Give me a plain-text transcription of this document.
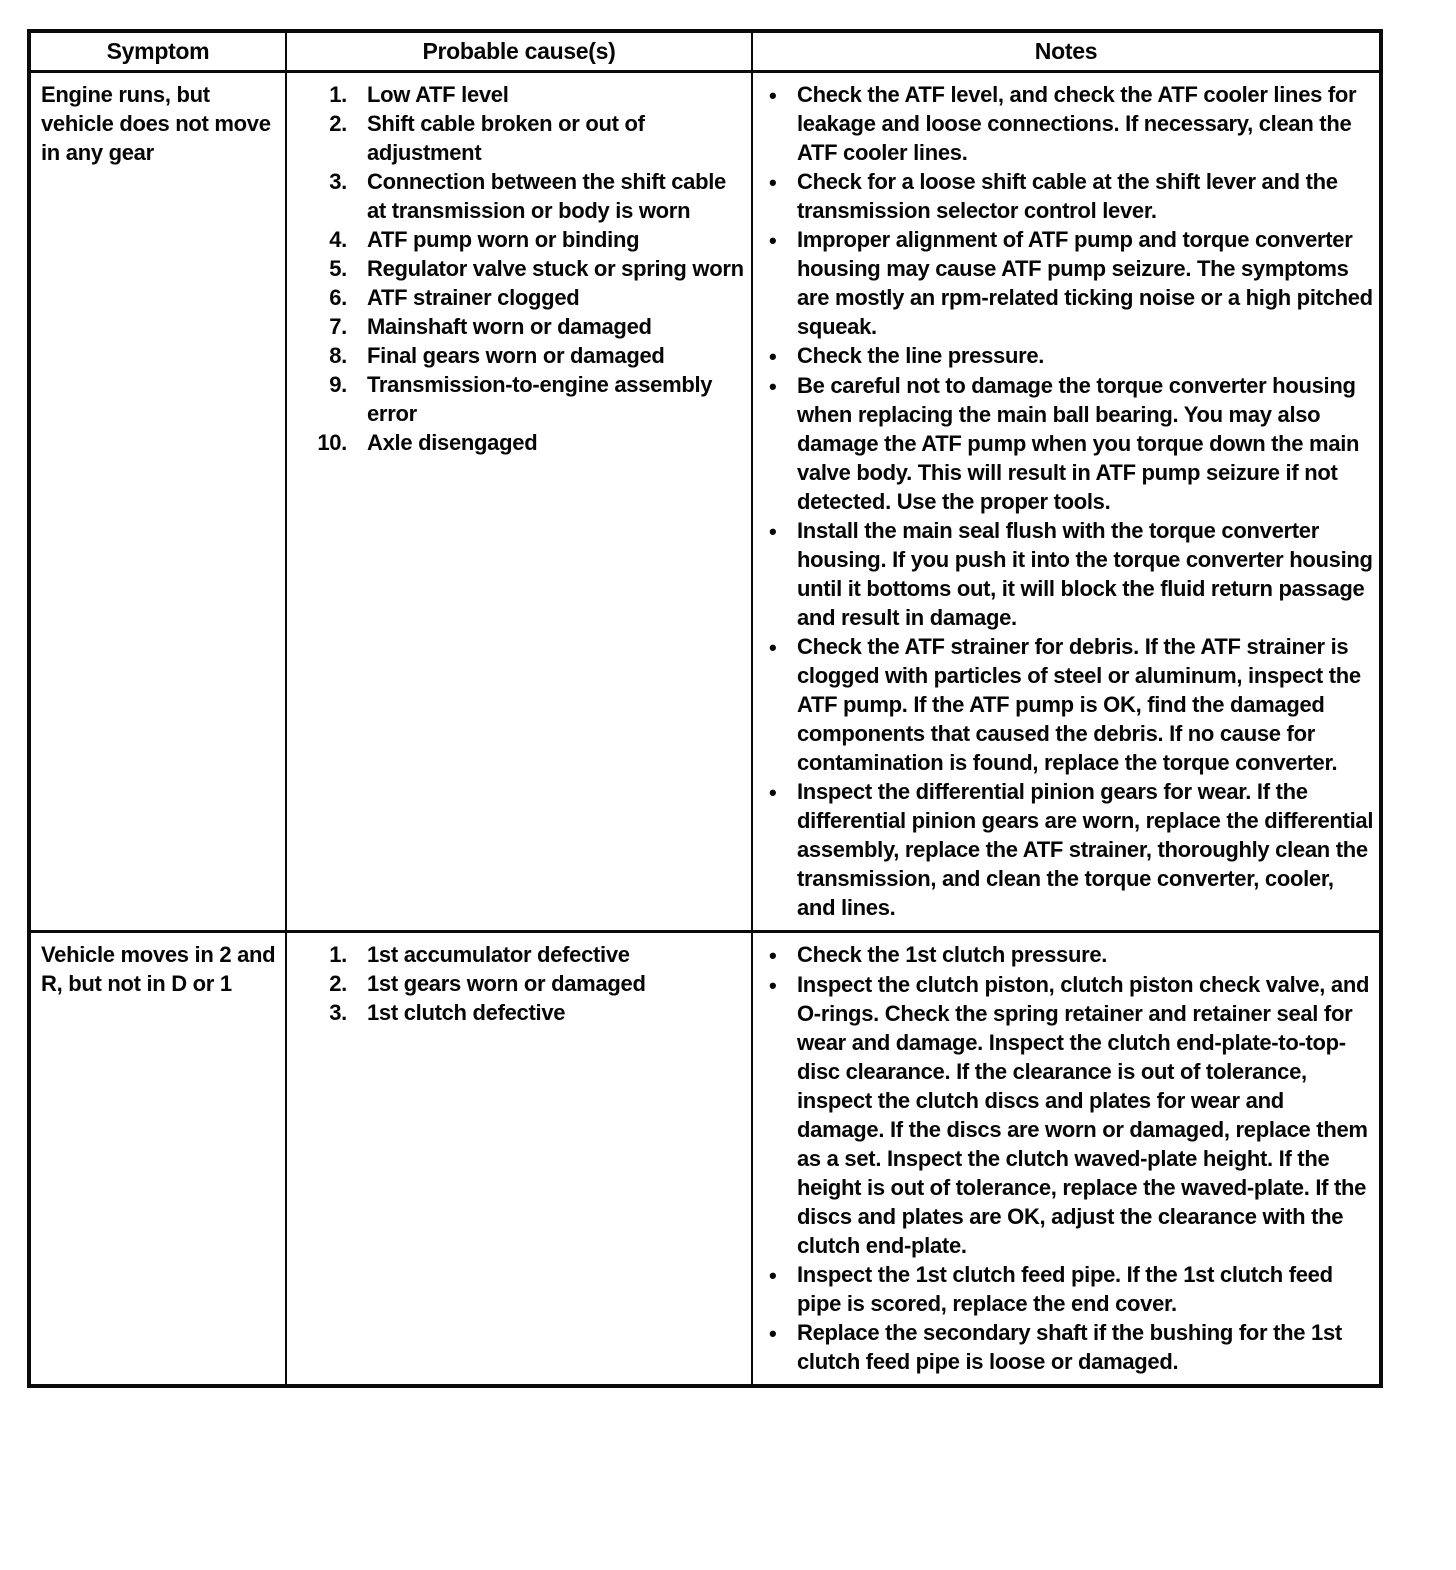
Symptom	Probable cause(s)	Notes
Engine runs, but vehicle does not move in any gear
1. Low ATF level
2. Shift cable broken or out of adjustment
3. Connection between the shift cable at transmission or body is worn
4. ATF pump worn or binding
5. Regulator valve stuck or spring worn
6. ATF strainer clogged
7. Mainshaft worn or damaged
8. Final gears worn or damaged
9. Transmission-to-engine assembly error
10. Axle disengaged
•
Check the ATF level, and check the ATF cooler lines for leakage and loose connections. If necessary, clean the ATF cooler lines.
•
Check for a loose shift cable at the shift lever and the transmission selector control lever.
•
Improper alignment of ATF pump and torque converter housing may cause ATF pump seizure. The symptoms are mostly an rpm-related ticking noise or a high pitched squeak.
•
Check the line pressure.
•
Be careful not to damage the torque converter housing when replacing the main ball bearing. You may also damage the ATF pump when you torque down the main valve body. This will result in ATF pump seizure if not detected. Use the proper tools.
•
Install the main seal flush with the torque converter housing. If you push it into the torque converter housing until it bottoms out, it will block the fluid return passage and result in damage.
•
Check the ATF strainer for debris. If the ATF strainer is clogged with particles of steel or aluminum, inspect the ATF pump. If the ATF pump is OK, find the damaged components that caused the debris. If no cause for contamination is found, replace the torque converter.
•
Inspect the differential pinion gears for wear. If the differential pinion gears are worn, replace the differential assembly, replace the ATF strainer, thoroughly clean the transmission, and clean the torque converter, cooler, and lines.
Vehicle moves in 2 and R, but not in D or 1
1. 1st accumulator defective
2. 1st gears worn or damaged
3. 1st clutch defective
•
Check the 1st clutch pressure.
•
Inspect the clutch piston, clutch piston check valve, and O-rings. Check the spring retainer and retainer seal for wear and damage. Inspect the clutch end-plate-to-top-disc clearance. If the clearance is out of tolerance, inspect the clutch discs and plates for wear and damage. If the discs are worn or damaged, replace them as a set. Inspect the clutch waved-plate height. If the height is out of tolerance, replace the waved-plate. If the discs and plates are OK, adjust the clearance with the clutch end-plate.
•
Inspect the 1st clutch feed pipe. If the 1st clutch feed pipe is scored, replace the end cover.
•
Replace the secondary shaft if the bushing for the 1st clutch feed pipe is loose or damaged.
